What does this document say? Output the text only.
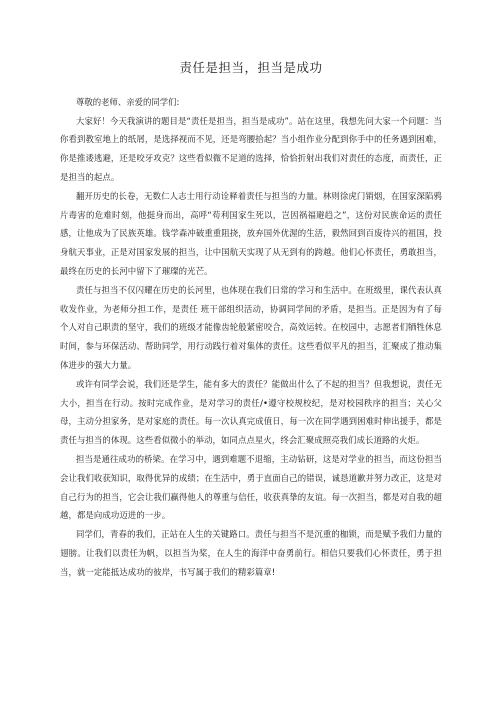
责任是担当，担当是成功

尊敬的老师、亲爱的同学们:

大家好！今天我演讲的题目是“责任是担当，担当是成功”。站在这里，我想先问大家一个问题：当你看到教室地上的纸屑，是选择视而不见，还是弯腰拾起？当小组作业分配到你手中的任务遇到困难，你是推诿逃避，还是咬牙攻克？这些看似微不足道的选择，恰恰折射出我们对责任的态度，而责任，正是担当的起点。

翻开历史的长卷，无数仁人志士用行动诠释着责任与担当的力量。林则徐虎门销烟，在国家深陷鸦片毒害的危难时刻，他挺身而出，高呼“苟利国家生死以，岂因祸福避趋之”，这份对民族命运的责任感，让他成为了民族英雄。钱学森冲破重重阻挠，放弃国外优渥的生活，毅然回到百废待兴的祖国，投身航天事业，正是对国家发展的担当，让中国航天实现了从无到有的跨越。他们心怀责任，勇敢担当，最终在历史的长河中留下了璀璨的光芒。

责任与担当不仅闪耀在历史的长河里，也体现在我们日常的学习和生活中。在班级里，课代表认真收发作业，为老师分担工作，是责任 班干部组织活动，协调同学间的矛盾，是担当。正是因为有了每个人对自己职责的坚守，我们的班级才能像齿轮般紧密咬合，高效运转。在校园中，志愿者们牺牲休息时间，参与环保活动、帮助同学，用行动践行着对集体的责任。这些看似平凡的担当，汇聚成了推动集体进步的强大力量。

或许有同学会说，我们还是学生，能有多大的责任？能做出什么了不起的担当？但我想说，责任无大小，担当在行动。按时完成作业，是对学习的责任/•遵守校规校纪，是对校园秩序的担当；关心父母，主动分担家务，是对家庭的责任。每一次认真完成值日，每一次在同学遇到困难时伸出援手，都是责任与担当的体现。这些看似微小的举动，如同点点星火，终会汇聚成照亮我们成长道路的火炬。

担当是通往成功的桥梁。在学习中，遇到难题不退缩，主动钻研，这是对学业的担当，而这份担当会让我们收获知识，取得优异的成绩；在生活中，勇于直面自己的错误，诚恳道歉并努力改正，这是对自己行为的担当，它会让我们赢得他人的尊重与信任，收获真挚的友谊。每一次担当，都是对自我的超越，都是向成功迈进的一步。

同学们，青春的我们，正站在人生的关键路口。责任与担当不是沉重的枷锁，而是赋予我们力量的翅膀。让我们以责任为帆，以担当为桨，在人生的海洋中奋勇前行。相信只要我们心怀责任，勇于担当，就一定能抵达成功的彼岸，书写属于我们的精彩篇章!
